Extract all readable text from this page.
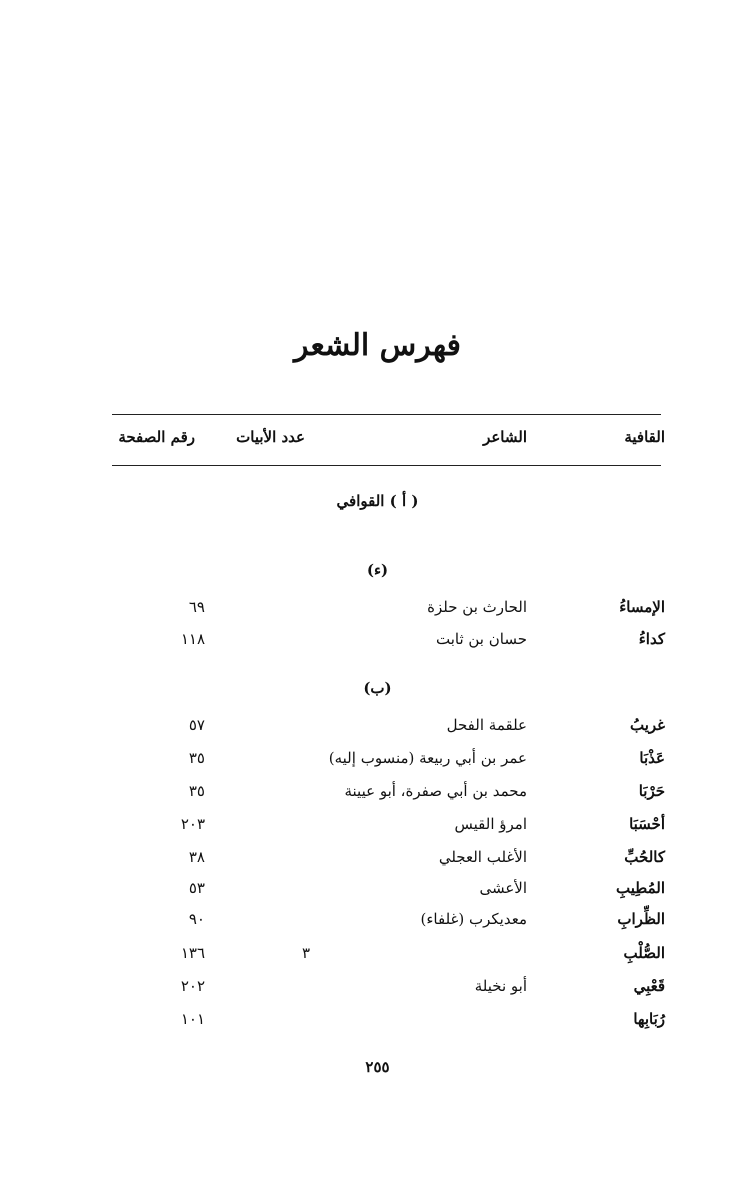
فهرس الشعر
القافية
الشاعر
عدد الأبيات
رقم الصفحة
( أ ) القوافي
(ء)
الإمساءُ
الحارث بن حلزة
٦٩
كداءُ
حسان بن ثابت
١١٨
(ب)
غريبُ
علقمة الفحل
٥٧
عَذْبَا
عمر بن أبي ربيعة (منسوب إليه)
٣٥
حَرْبَا
محمد بن أبي صفرة، أبو عيينة
٣٥
أحْسَبَا
امرؤ القيس
٢٠٣
كالحُبِّ
الأغلب العجلي
٣٨
المُطِيبِ
الأعشى
٥٣
الظِّرابِ
معديكرب (غلفاء)
٩٠
الصُّلْبِ
٣
١٣٦
قَعْبِي
أبو نخيلة
٢٠٢
رُبَابِها
١٠١
٢٥٥
